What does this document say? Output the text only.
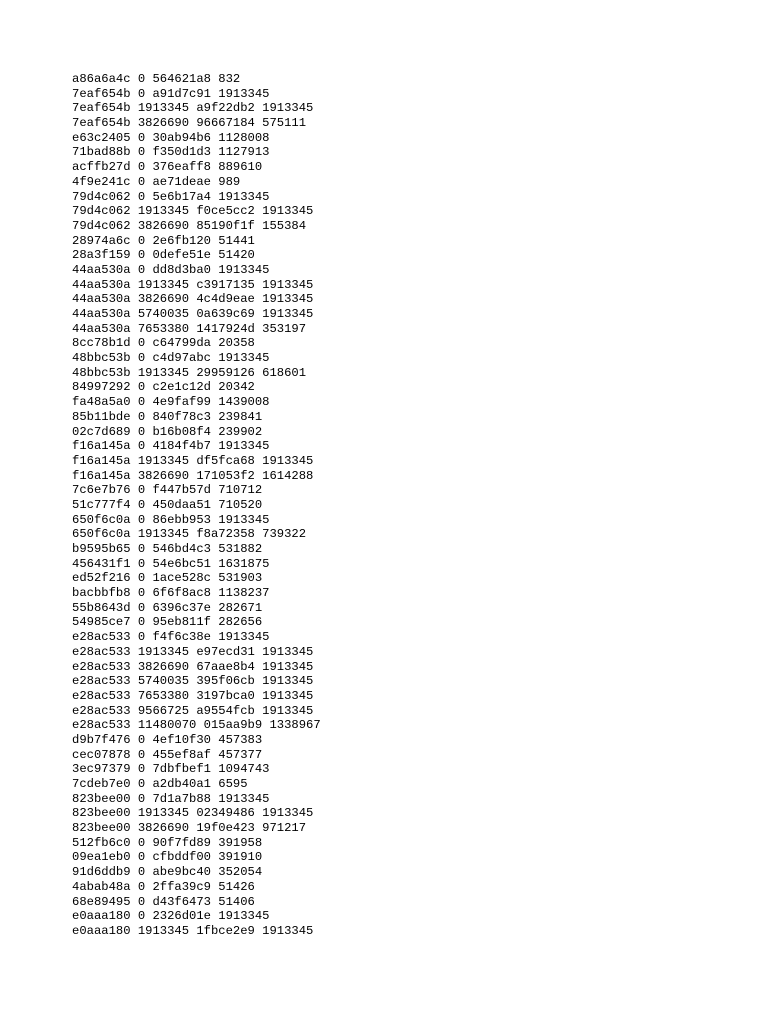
a86a6a4c 0 564621a8 832
7eaf654b 0 a91d7c91 1913345
7eaf654b 1913345 a9f22db2 1913345
7eaf654b 3826690 96667184 575111
e63c2405 0 30ab94b6 1128008
71bad88b 0 f350d1d3 1127913
acffb27d 0 376eaff8 889610
4f9e241c 0 ae71deae 989
79d4c062 0 5e6b17a4 1913345
79d4c062 1913345 f0ce5cc2 1913345
79d4c062 3826690 85190f1f 155384
28974a6c 0 2e6fb120 51441
28a3f159 0 0defe51e 51420
44aa530a 0 dd8d3ba0 1913345
44aa530a 1913345 c3917135 1913345
44aa530a 3826690 4c4d9eae 1913345
44aa530a 5740035 0a639c69 1913345
44aa530a 7653380 1417924d 353197
8cc78b1d 0 c64799da 20358
48bbc53b 0 c4d97abc 1913345
48bbc53b 1913345 29959126 618601
84997292 0 c2e1c12d 20342
fa48a5a0 0 4e9faf99 1439008
85b11bde 0 840f78c3 239841
02c7d689 0 b16b08f4 239902
f16a145a 0 4184f4b7 1913345
f16a145a 1913345 df5fca68 1913345
f16a145a 3826690 171053f2 1614288
7c6e7b76 0 f447b57d 710712
51c777f4 0 450daa51 710520
650f6c0a 0 86ebb953 1913345
650f6c0a 1913345 f8a72358 739322
b9595b65 0 546bd4c3 531882
456431f1 0 54e6bc51 1631875
ed52f216 0 1ace528c 531903
bacbbfb8 0 6f6f8ac8 1138237
55b8643d 0 6396c37e 282671
54985ce7 0 95eb811f 282656
e28ac533 0 f4f6c38e 1913345
e28ac533 1913345 e97ecd31 1913345
e28ac533 3826690 67aae8b4 1913345
e28ac533 5740035 395f06cb 1913345
e28ac533 7653380 3197bca0 1913345
e28ac533 9566725 a9554fcb 1913345
e28ac533 11480070 015aa9b9 1338967
d9b7f476 0 4ef10f30 457383
cec07878 0 455ef8af 457377
3ec97379 0 7dbfbef1 1094743
7cdeb7e0 0 a2db40a1 6595
823bee00 0 7d1a7b88 1913345
823bee00 1913345 02349486 1913345
823bee00 3826690 19f0e423 971217
512fb6c0 0 90f7fd89 391958
09ea1eb0 0 cfbddf00 391910
91d6ddb9 0 abe9bc40 352054
4abab48a 0 2ffa39c9 51426
68e89495 0 d43f6473 51406
e0aaa180 0 2326d01e 1913345
e0aaa180 1913345 1fbce2e9 1913345
